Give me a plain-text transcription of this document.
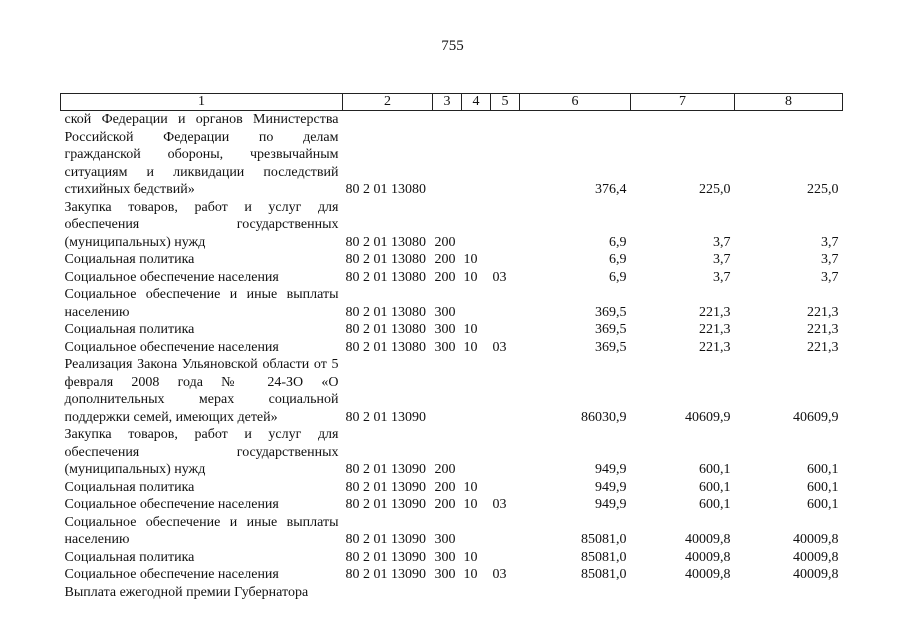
755
1	2	3	4	5	6	7	8
ской Федерации и органов Министерства Российской Федерации по делам гражданской обороны, чрезвычайным ситуациям и ликвидации последствий стихийных бедствий»	80 2 01 13080				376,4	225,0	225,0
Закупка товаров, работ и услуг для обеспечения государственных (муниципальных) нужд	80 2 01 13080	200			6,9	3,7	3,7
Социальная политика	80 2 01 13080	200	10		6,9	3,7	3,7
Социальное обеспечение населения	80 2 01 13080	200	10	03	6,9	3,7	3,7
Социальное обеспечение и иные выплаты населению	80 2 01 13080	300			369,5	221,3	221,3
Социальная политика	80 2 01 13080	300	10		369,5	221,3	221,3
Социальное обеспечение населения	80 2 01 13080	300	10	03	369,5	221,3	221,3
Реализация Закона Ульяновской области от 5 февраля 2008 года № 24-ЗО «О дополнительных мерах социальной поддержки семей, имеющих детей»	80 2 01 13090				86030,9	40609,9	40609,9
Закупка товаров, работ и услуг для обеспечения государственных (муниципальных) нужд	80 2 01 13090	200			949,9	600,1	600,1
Социальная политика	80 2 01 13090	200	10		949,9	600,1	600,1
Социальное обеспечение населения	80 2 01 13090	200	10	03	949,9	600,1	600,1
Социальное обеспечение и иные выплаты населению	80 2 01 13090	300			85081,0	40009,8	40009,8
Социальная политика	80 2 01 13090	300	10		85081,0	40009,8	40009,8
Социальное обеспечение населения	80 2 01 13090	300	10	03	85081,0	40009,8	40009,8
Выплата ежегодной премии Губернатора							
